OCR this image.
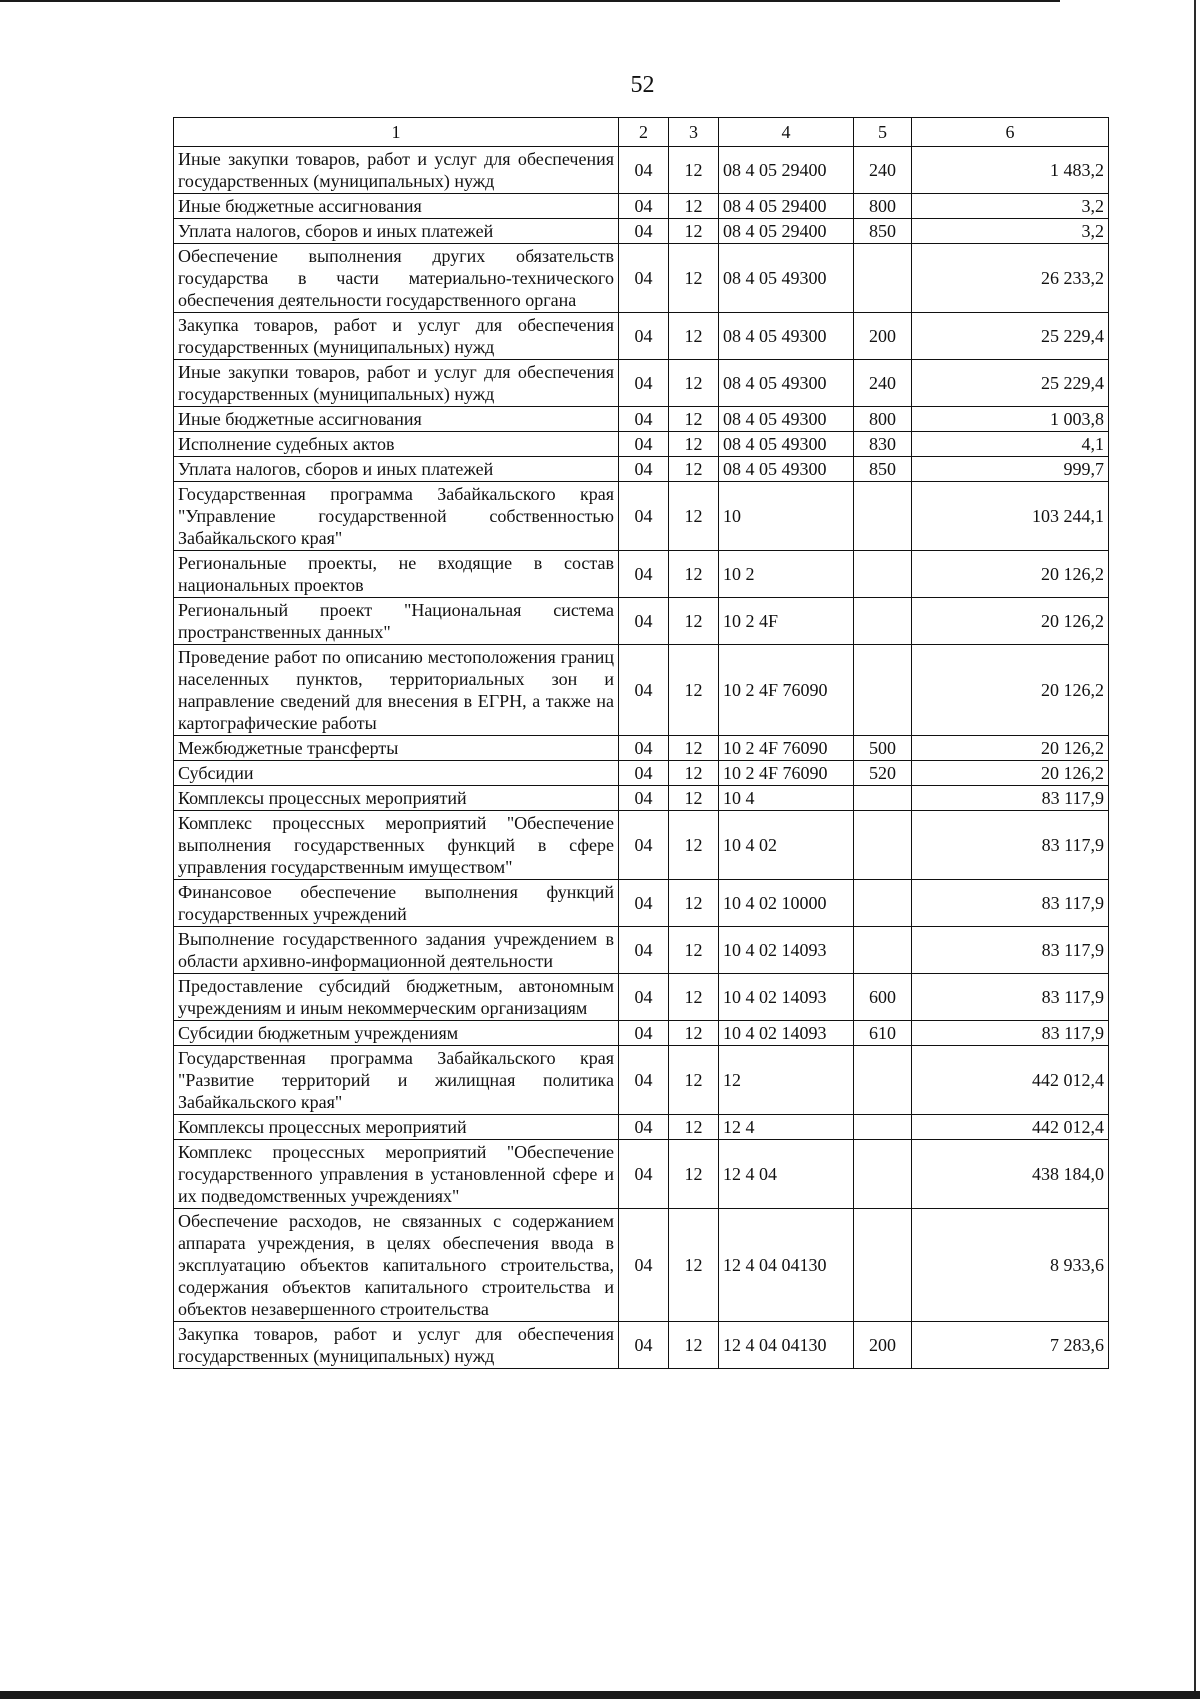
52
1	2	3	4	5	6
Иные закупки товаров, работ и услуг для обеспечения государственных (муниципальных) нужд	04	12	08 4 05 29400	240	1 483,2
Иные бюджетные ассигнования	04	12	08 4 05 29400	800	3,2
Уплата налогов, сборов и иных платежей	04	12	08 4 05 29400	850	3,2
Обеспечение выполнения других обязательств государства в части материально-технического обеспечения деятельности государственного органа	04	12	08 4 05 49300		26 233,2
Закупка товаров, работ и услуг для обеспечения государственных (муниципальных) нужд	04	12	08 4 05 49300	200	25 229,4
Иные закупки товаров, работ и услуг для обеспечения государственных (муниципальных) нужд	04	12	08 4 05 49300	240	25 229,4
Иные бюджетные ассигнования	04	12	08 4 05 49300	800	1 003,8
Исполнение судебных актов	04	12	08 4 05 49300	830	4,1
Уплата налогов, сборов и иных платежей	04	12	08 4 05 49300	850	999,7
Государственная программа Забайкальского края "Управление государственной собственностью Забайкальского края"	04	12	10		103 244,1
Региональные проекты, не входящие в состав национальных проектов	04	12	10 2		20 126,2
Региональный проект "Национальная система пространственных данных"	04	12	10 2 4F		20 126,2
Проведение работ по описанию местоположения границ населенных пунктов, территориальных зон и направление сведений для внесения в ЕГРН, а также на картографические работы	04	12	10 2 4F 76090		20 126,2
Межбюджетные трансферты	04	12	10 2 4F 76090	500	20 126,2
Субсидии	04	12	10 2 4F 76090	520	20 126,2
Комплексы процессных мероприятий	04	12	10 4		83 117,9
Комплекс процессных мероприятий "Обеспечение выполнения государственных функций в сфере управления государственным имуществом"	04	12	10 4 02		83 117,9
Финансовое обеспечение выполнения функций государственных учреждений	04	12	10 4 02 10000		83 117,9
Выполнение государственного задания учреждением в области архивно-информационной деятельности	04	12	10 4 02 14093		83 117,9
Предоставление субсидий бюджетным, автономным учреждениям и иным некоммерческим организациям	04	12	10 4 02 14093	600	83 117,9
Субсидии бюджетным учреждениям	04	12	10 4 02 14093	610	83 117,9
Государственная программа Забайкальского края "Развитие территорий и жилищная политика Забайкальского края"	04	12	12		442 012,4
Комплексы процессных мероприятий	04	12	12 4		442 012,4
Комплекс процессных мероприятий "Обеспечение государственного управления в установленной сфере и их подведомственных учреждениях"	04	12	12 4 04		438 184,0
Обеспечение расходов, не связанных с содержанием аппарата учреждения, в целях обеспечения ввода в эксплуатацию объектов капитального строительства, содержания объектов капитального строительства и объектов незавершенного строительства	04	12	12 4 04 04130		8 933,6
Закупка товаров, работ и услуг для обеспечения государственных (муниципальных) нужд	04	12	12 4 04 04130	200	7 283,6
